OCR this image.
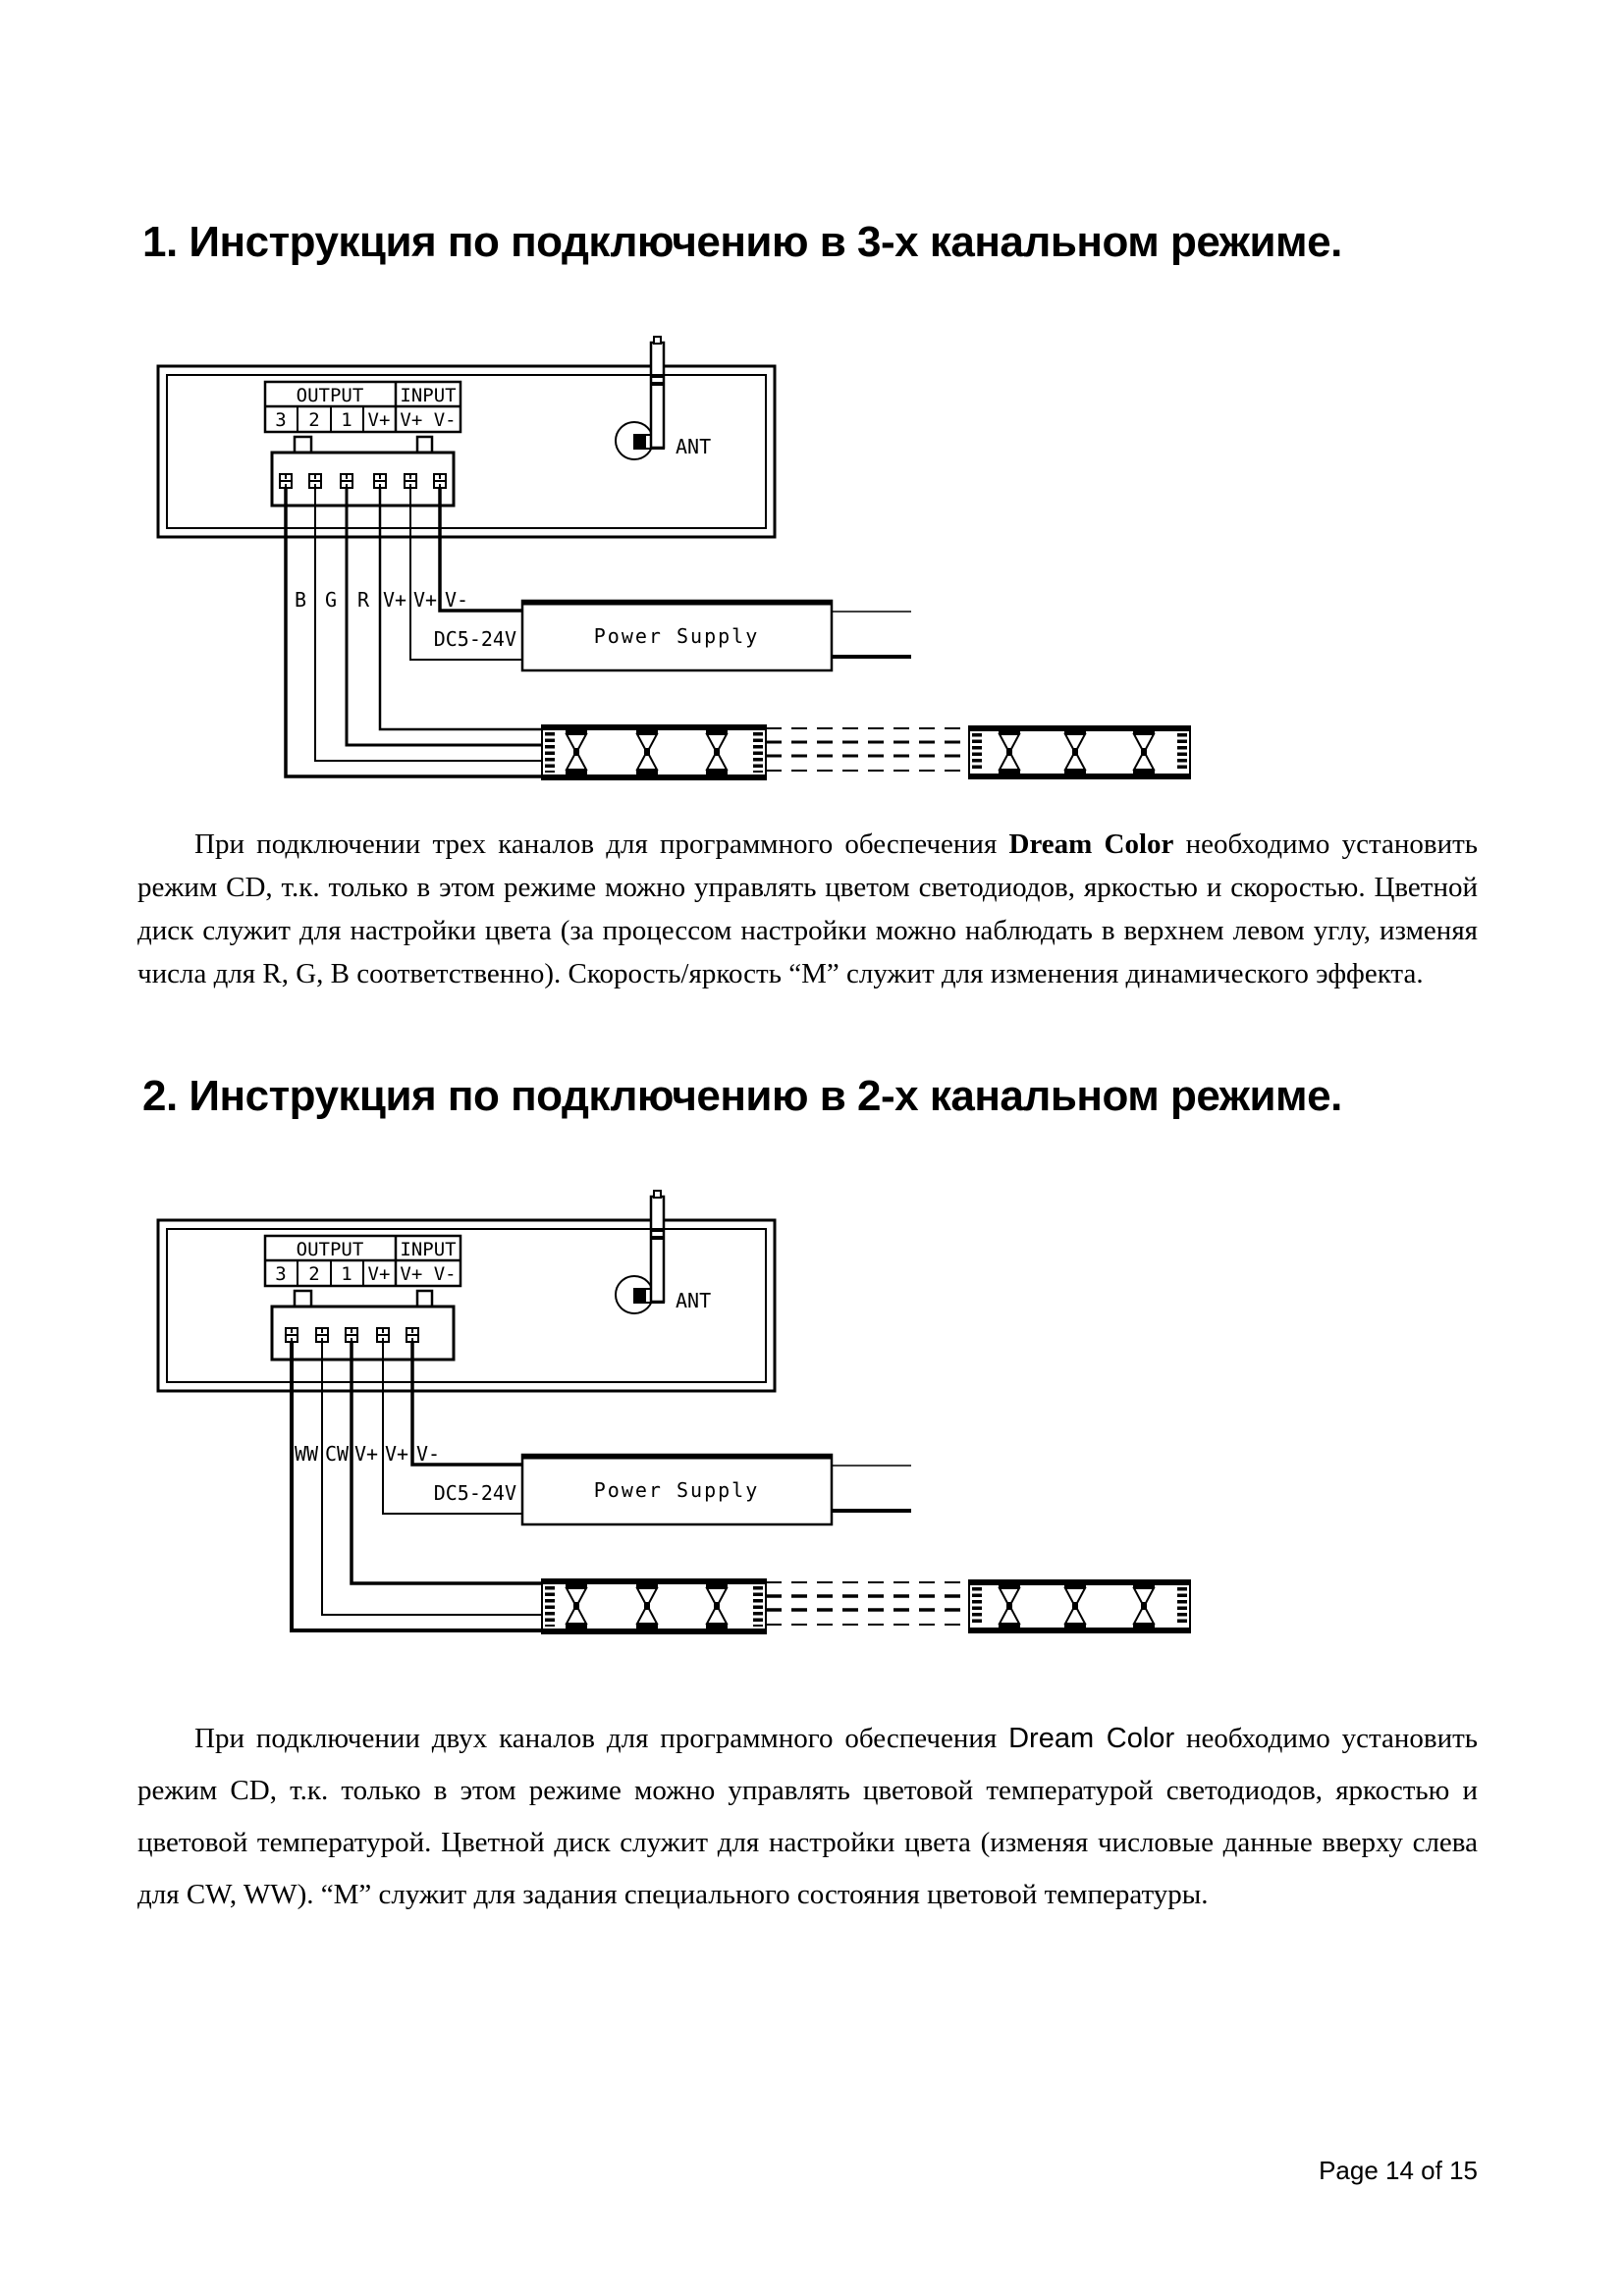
1. Инструкция по подключению в 3-х канальном режиме.
OUTPUT INPUT
3 2 1 V+ V+ V-
ANT
B G R V+ V+ V-
DC5-24V	Power Supply
При подключении трех каналов для программного обеспечения Dream Color необходимо установить режим CD, т.к. только в этом режиме можно управлять цветом светодиодов, яркостью и скоростью. Цветной диск служит для настройки цвета (за процессом настройки можно наблюдать в верхнем левом углу, изменяя числа для R, G, B соответственно). Скорость/яркость “М” служит для изменения динамического эффекта.
2. Инструкция по подключению в 2-х канальном режиме.
OUTPUT INPUT
3 2 1 V+ V+ V-
ANT
WW CW V+ V+ V-
DC5-24V	Power Supply
При подключении двух каналов для программного обеспечения Dream Color необходимо установить режим CD, т.к. только в этом режиме можно управлять цветовой температурой светодиодов, яркостью и цветовой температурой. Цветной диск служит для настройки цвета (изменяя числовые данные вверху слева для CW, WW). “М” служит для задания специального состояния цветовой температуры.
Page 14 of 15
